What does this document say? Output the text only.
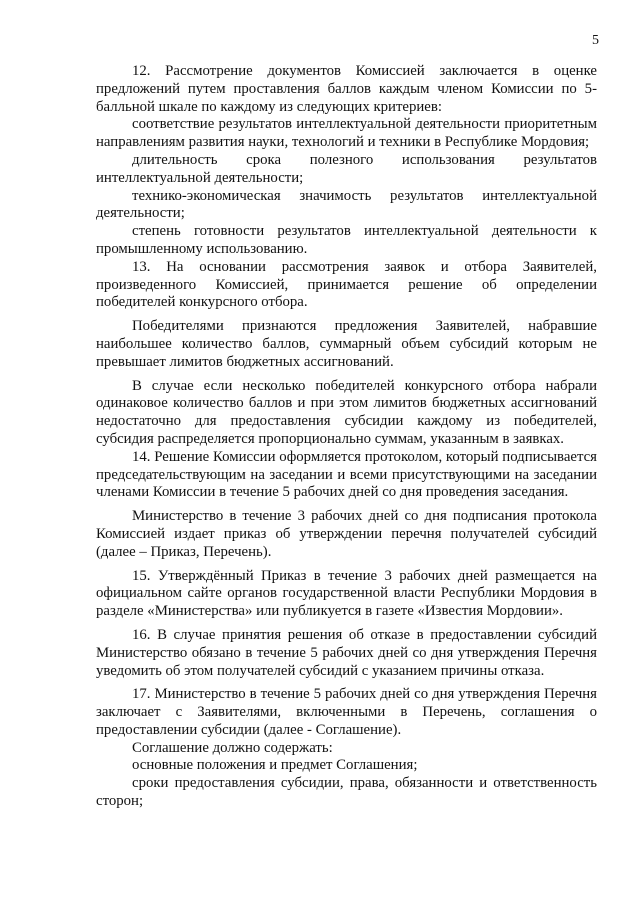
5

12. Рассмотрение документов Комиссией заключается в оценке предложений путем проставления баллов каждым членом Комиссии по 5-балльной шкале по каждому из следующих критериев:

соответствие результатов интеллектуальной деятельности приоритетным направлениям развития науки, технологий и техники в Республике Мордовия;

длительность срока полезного использования результатов интеллектуальной деятельности;

технико-экономическая значимость результатов интеллектуальной деятельности;

степень готовности результатов интеллектуальной деятельности к промышленному использованию.

13. На основании рассмотрения заявок и отбора Заявителей, произведенного Комиссией, принимается решение об определении победителей конкурсного отбора.

Победителями признаются предложения Заявителей, набравшие наибольшее количество баллов, суммарный объем субсидий которым не превышает лимитов бюджетных ассигнований.

В случае если несколько победителей конкурсного отбора набрали одинаковое количество баллов и при этом лимитов бюджетных ассигнований недостаточно для предоставления субсидии каждому из победителей, субсидия распределяется пропорционально суммам, указанным в заявках.

14. Решение Комиссии оформляется протоколом, который подписывается председательствующим на заседании и всеми присутствующими на заседании членами Комиссии в течение 5 рабочих дней со дня проведения заседания.

Министерство в течение 3 рабочих дней со дня подписания протокола Комиссией издает приказ об утверждении перечня получателей субсидий (далее – Приказ, Перечень).

15. Утверждённый Приказ в течение 3 рабочих дней размещается на официальном сайте органов государственной власти Республики Мордовия в разделе «Министерства» или публикуется в газете «Известия Мордовии».

16. В случае принятия решения об отказе в предоставлении субсидий Министерство обязано в течение 5 рабочих дней со дня утверждения Перечня уведомить об этом получателей субсидий с указанием причины отказа.

17. Министерство в течение 5 рабочих дней со дня утверждения Перечня заключает с Заявителями, включенными в Перечень, соглашения о предоставлении субсидии (далее - Соглашение).

Соглашение должно содержать:

основные положения и предмет Соглашения;

сроки предоставления субсидии, права, обязанности и ответственность сторон;
